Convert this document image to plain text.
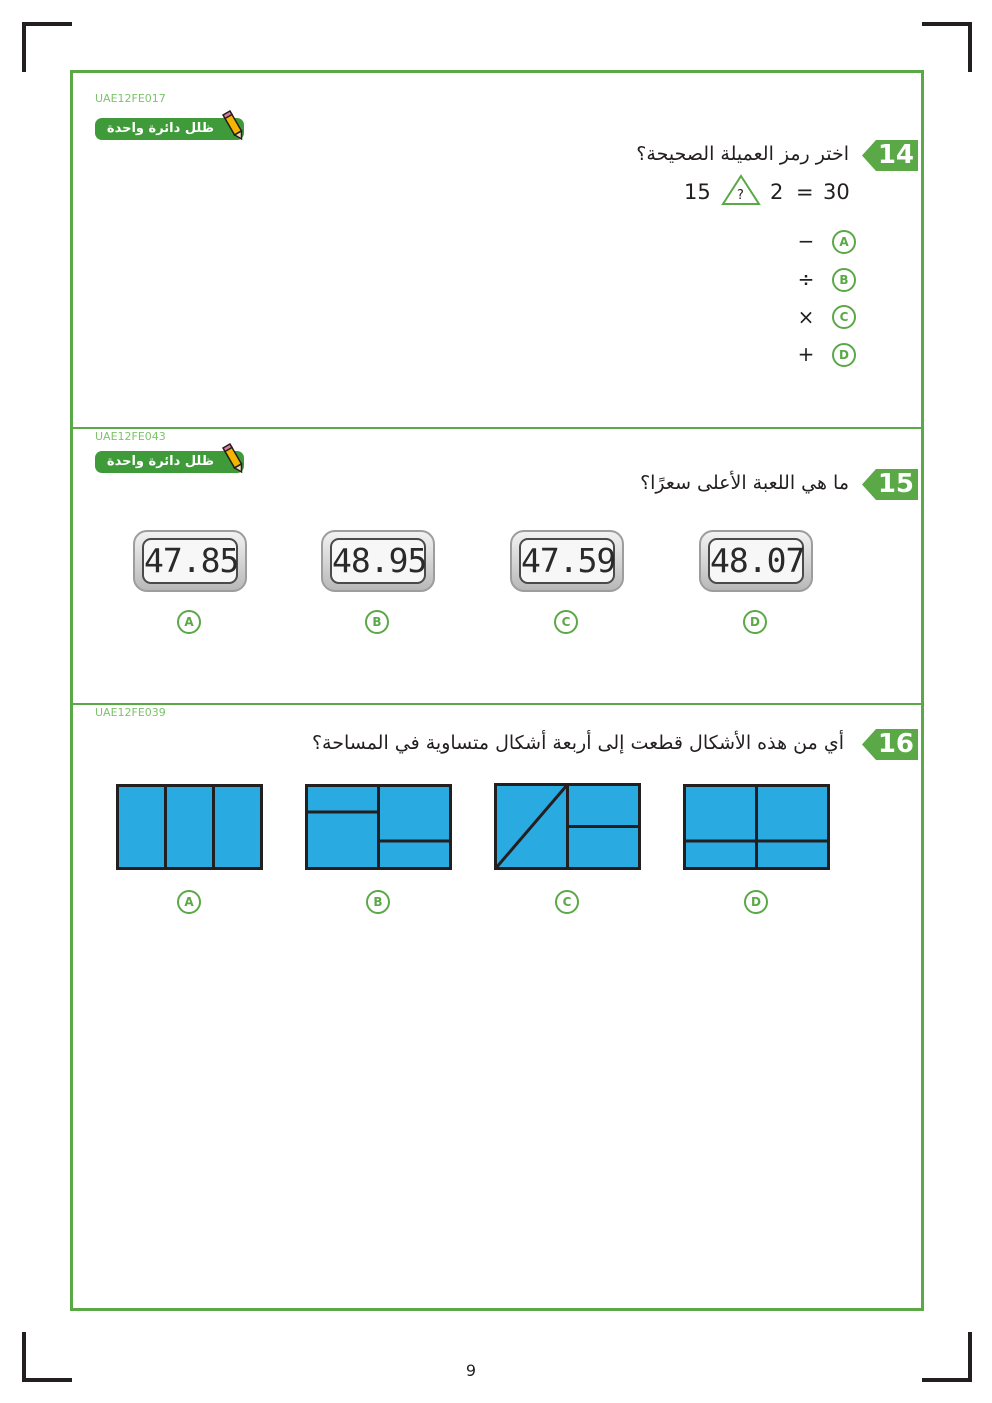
UAE12FE017
ظلل دائرة واحدة فقط	14
اختر رمز العميلة الصحيحة؟
15 ? 2 = 30
−	A
÷	B
×	C
+	D
UAE12FE043
ظلل دائرة واحدة فقط	15
ما هي اللعبة الأعلى سعرًا؟
47.85	48.95	47.59	48.07
A	B	C	D
UAE12FE039
16
أي من هذه الأشكال قطعت إلى أربعة أشكال متساوية في المساحة؟
A	B	C	D
9
